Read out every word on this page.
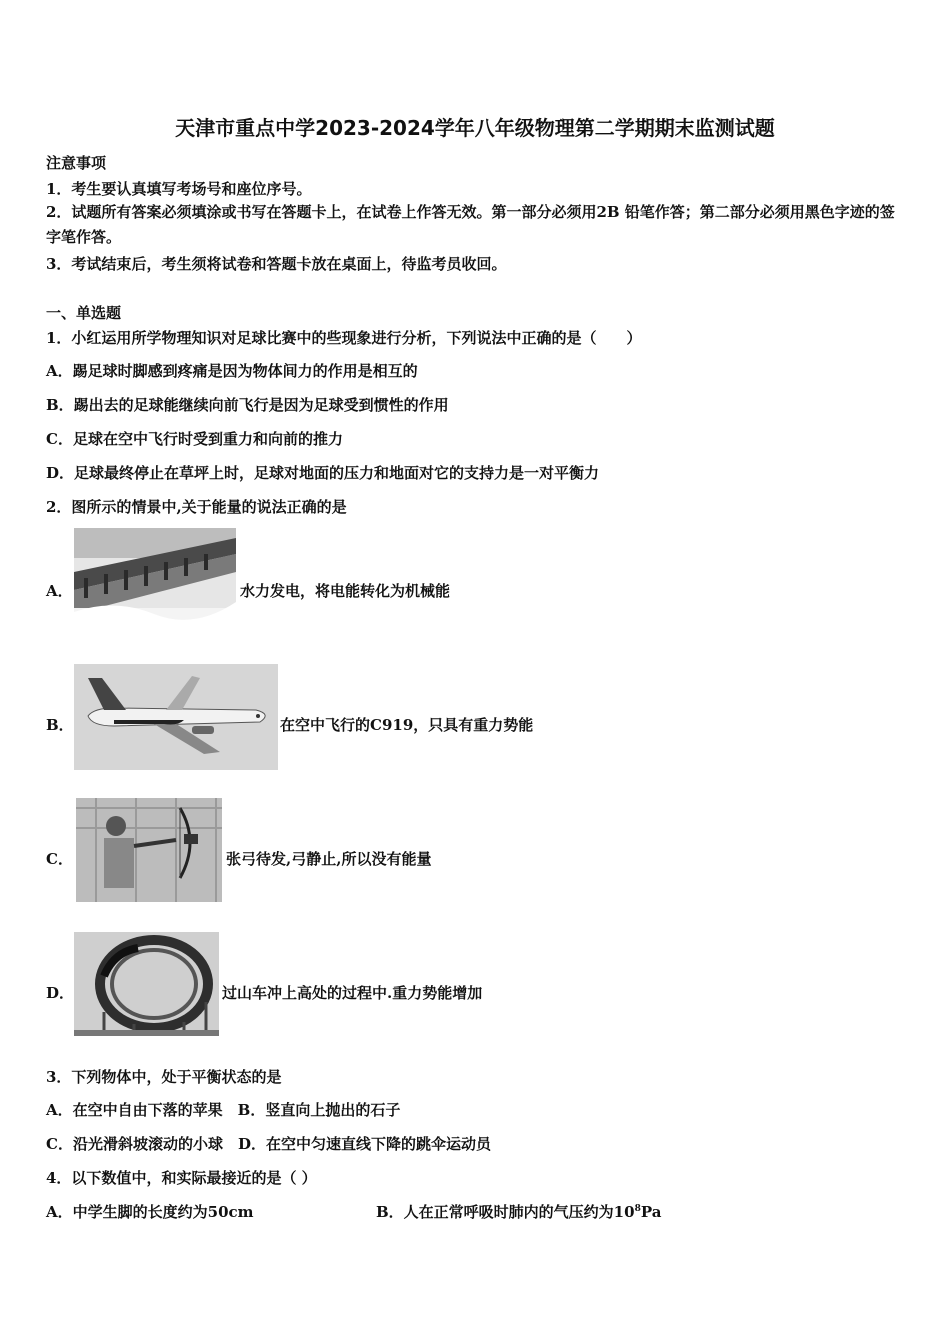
天津市重点中学2023-2024学年八年级物理第二学期期末监测试题
注意事项
1．考生要认真填写考场号和座位序号。
2．试题所有答案必须填涂或书写在答题卡上，在试卷上作答无效。第一部分必须用2B 铅笔作答；第二部分必须用黑色字迹的签字笔作答。
3．考试结束后，考生须将试卷和答题卡放在桌面上，待监考员收回。
一、单选题
1．小红运用所学物理知识对足球比赛中的些现象进行分析，下列说法中正确的是（　　）
A．踢足球时脚感到疼痛是因为物体间力的作用是相互的
B．踢出去的足球能继续向前飞行是因为足球受到惯性的作用
C．足球在空中飞行时受到重力和向前的推力
D．足球最终停止在草坪上时，足球对地面的压力和地面对它的支持力是一对平衡力
2．图所示的情景中,关于能量的说法正确的是
A．	水力发电，将电能转化为机械能
B．	在空中飞行的C919，只具有重力势能
C．	张弓待发,弓静止,所以没有能量
D．	过山车冲上高处的过程中.重力势能增加
3．下列物体中，处于平衡状态的是
A．在空中自由下落的苹果　B．竖直向上抛出的石子
C．沿光滑斜坡滚动的小球　D．在空中匀速直线下降的跳伞运动员
4．以下数值中，和实际最接近的是（ ）
A．中学生脚的长度约为50cm	B．人在正常呼吸时肺内的气压约为$10^8Pa$
